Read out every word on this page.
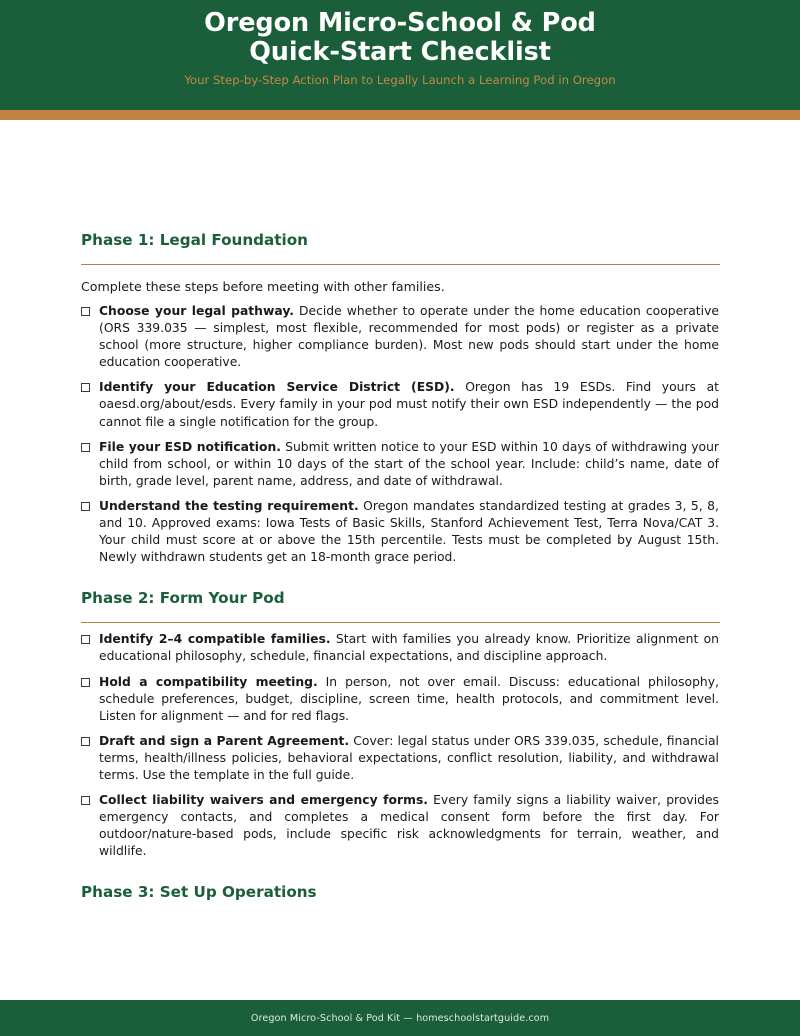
Oregon Micro-School & Pod
Quick-Start Checklist

Your Step-by-Step Action Plan to Legally Launch a Learning Pod in Oregon

Phase 1: Legal Foundation

Complete these steps before meeting with other families.

Choose your legal pathway. Decide whether to operate under the home education cooperative (ORS 339.035 — simplest, most flexible, recommended for most pods) or register as a private school (more structure, higher compliance burden). Most new pods should start under the home education cooperative.
Identify your Education Service District (ESD). Oregon has 19 ESDs. Find yours at oaesd.org/about/esds. Every family in your pod must notify their own ESD independently — the pod cannot file a single notification for the group.
File your ESD notification. Submit written notice to your ESD within 10 days of withdrawing your child from school, or within 10 days of the start of the school year. Include: child’s name, date of birth, grade level, parent name, address, and date of withdrawal.
Understand the testing requirement. Oregon mandates standardized testing at grades 3, 5, 8, and 10. Approved exams: Iowa Tests of Basic Skills, Stanford Achievement Test, Terra Nova/CAT 3. Your child must score at or above the 15th percentile. Tests must be completed by August 15th. Newly withdrawn students get an 18-month grace period.
Phase 2: Form Your Pod
Identify 2–4 compatible families. Start with families you already know. Prioritize alignment on educational philosophy, schedule, financial expectations, and discipline approach.
Hold a compatibility meeting. In person, not over email. Discuss: educational philosophy, schedule preferences, budget, discipline, screen time, health protocols, and commitment level. Listen for alignment — and for red flags.
Draft and sign a Parent Agreement. Cover: legal status under ORS 339.035, schedule, financial terms, health/illness policies, behavioral expectations, conflict resolution, liability, and withdrawal terms. Use the template in the full guide.
Collect liability waivers and emergency forms. Every family signs a liability waiver, provides emergency contacts, and completes a medical consent form before the first day. For outdoor/nature-based pods, include specific risk acknowledgments for terrain, weather, and wildlife.
Phase 3: Set Up Operations
Oregon Micro-School & Pod Kit — homeschoolstartguide.com
